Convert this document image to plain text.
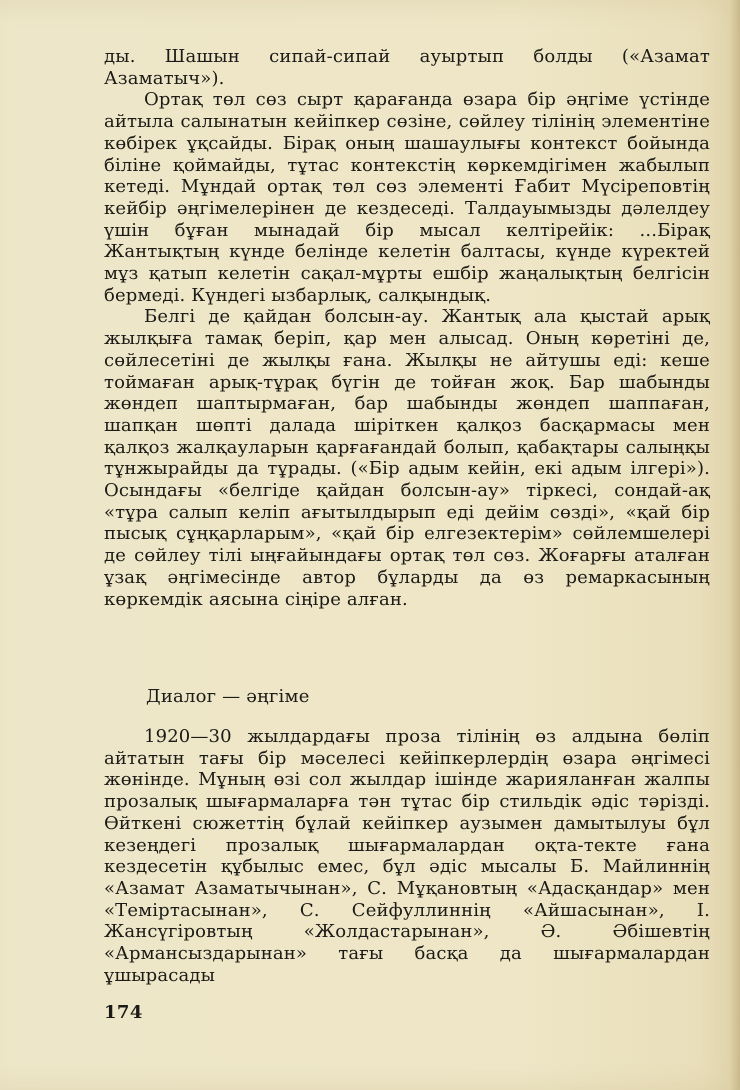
ды. Шашын сипай-сипай ауыртып болды («Азамат Азаматыч»).

Ортақ төл сөз сырт қарағанда өзара бір әңгіме үстінде айтыла салынатын кейіпкер сөзіне, сөйлеу тілінің элементіне көбірек ұқсайды. Бірақ оның шашаулығы контекст бойында біліне қоймайды, тұтас контекстің көркемдігімен жабылып кетеді. Мұндай ортақ төл сөз элементі Ғабит Мүсіреповтің кейбір әңгімелерінен де кездеседі. Талдауымызды дәлелдеу үшін бұған мынадай бір мысал келтірейік: ...Бірақ Жантықтың күнде белінде келетін балтасы, күнде күректей мұз қатып келетін сақал-мұрты ешбір жаңалықтың белгісін бермеді. Күндегі ызбарлық, салқындық.

Белгі де қайдан болсын-ау. Жантық ала қыстай арық жылқыға тамақ беріп, қар мен алысад. Оның көретіні де, сөйлесетіні де жылқы ғана. Жылқы не айтушы еді: кеше тоймаған арық-тұрақ бүгін де тойған жоқ. Бар шабынды жөндеп шаптырмаған, бар шабынды жөндеп шаппаған, шапқан шөпті далада шіріткен қалқоз басқармасы мен қалқоз жалқауларын қарғағандай болып, қабақтары салыңқы тұнжырайды да тұрады. («Бір адым кейін, екі адым ілгері»). Осындағы «белгіде қайдан болсын-ау» тіркесі, сондай-ақ «тұра салып келіп ағытылдырып еді дейім сөзді», «қай бір пысық сұңқарларым», «қай бір елгезектерім» сөйлемшелері де сөйлеу тілі ыңғайындағы ортақ төл сөз. Жоғарғы аталған ұзақ әңгімесінде автор бұларды да өз ремаркасының көркемдік аясына сіңіре алған.

Диалог — әңгіме

1920—30 жылдардағы проза тілінің өз алдына бөліп айтатын тағы бір мәселесі кейіпкерлердің өзара әңгімесі жөнінде. Мұның өзі сол жылдар ішінде жарияланған жалпы прозалық шығармаларға тән тұтас бір стильдік әдіс тәрізді. Өйткені сюжеттің бұлай кейіпкер аузымен дамытылуы бұл кезеңдегі прозалық шығармалардан оқта-текте ғана кездесетін құбылыс емес, бұл әдіс мысалы Б. Майлиннің «Азамат Азаматычынан», С. Мұқановтың «Адасқандар» мен «Теміртасынан», С. Сейфуллиннің «Айшасынан», І. Жансүгіровтың «Жолдастарынан», Ә. Әбішевтің «Армансыздарынан» тағы басқа да шығармалардан ұшырасады

174
